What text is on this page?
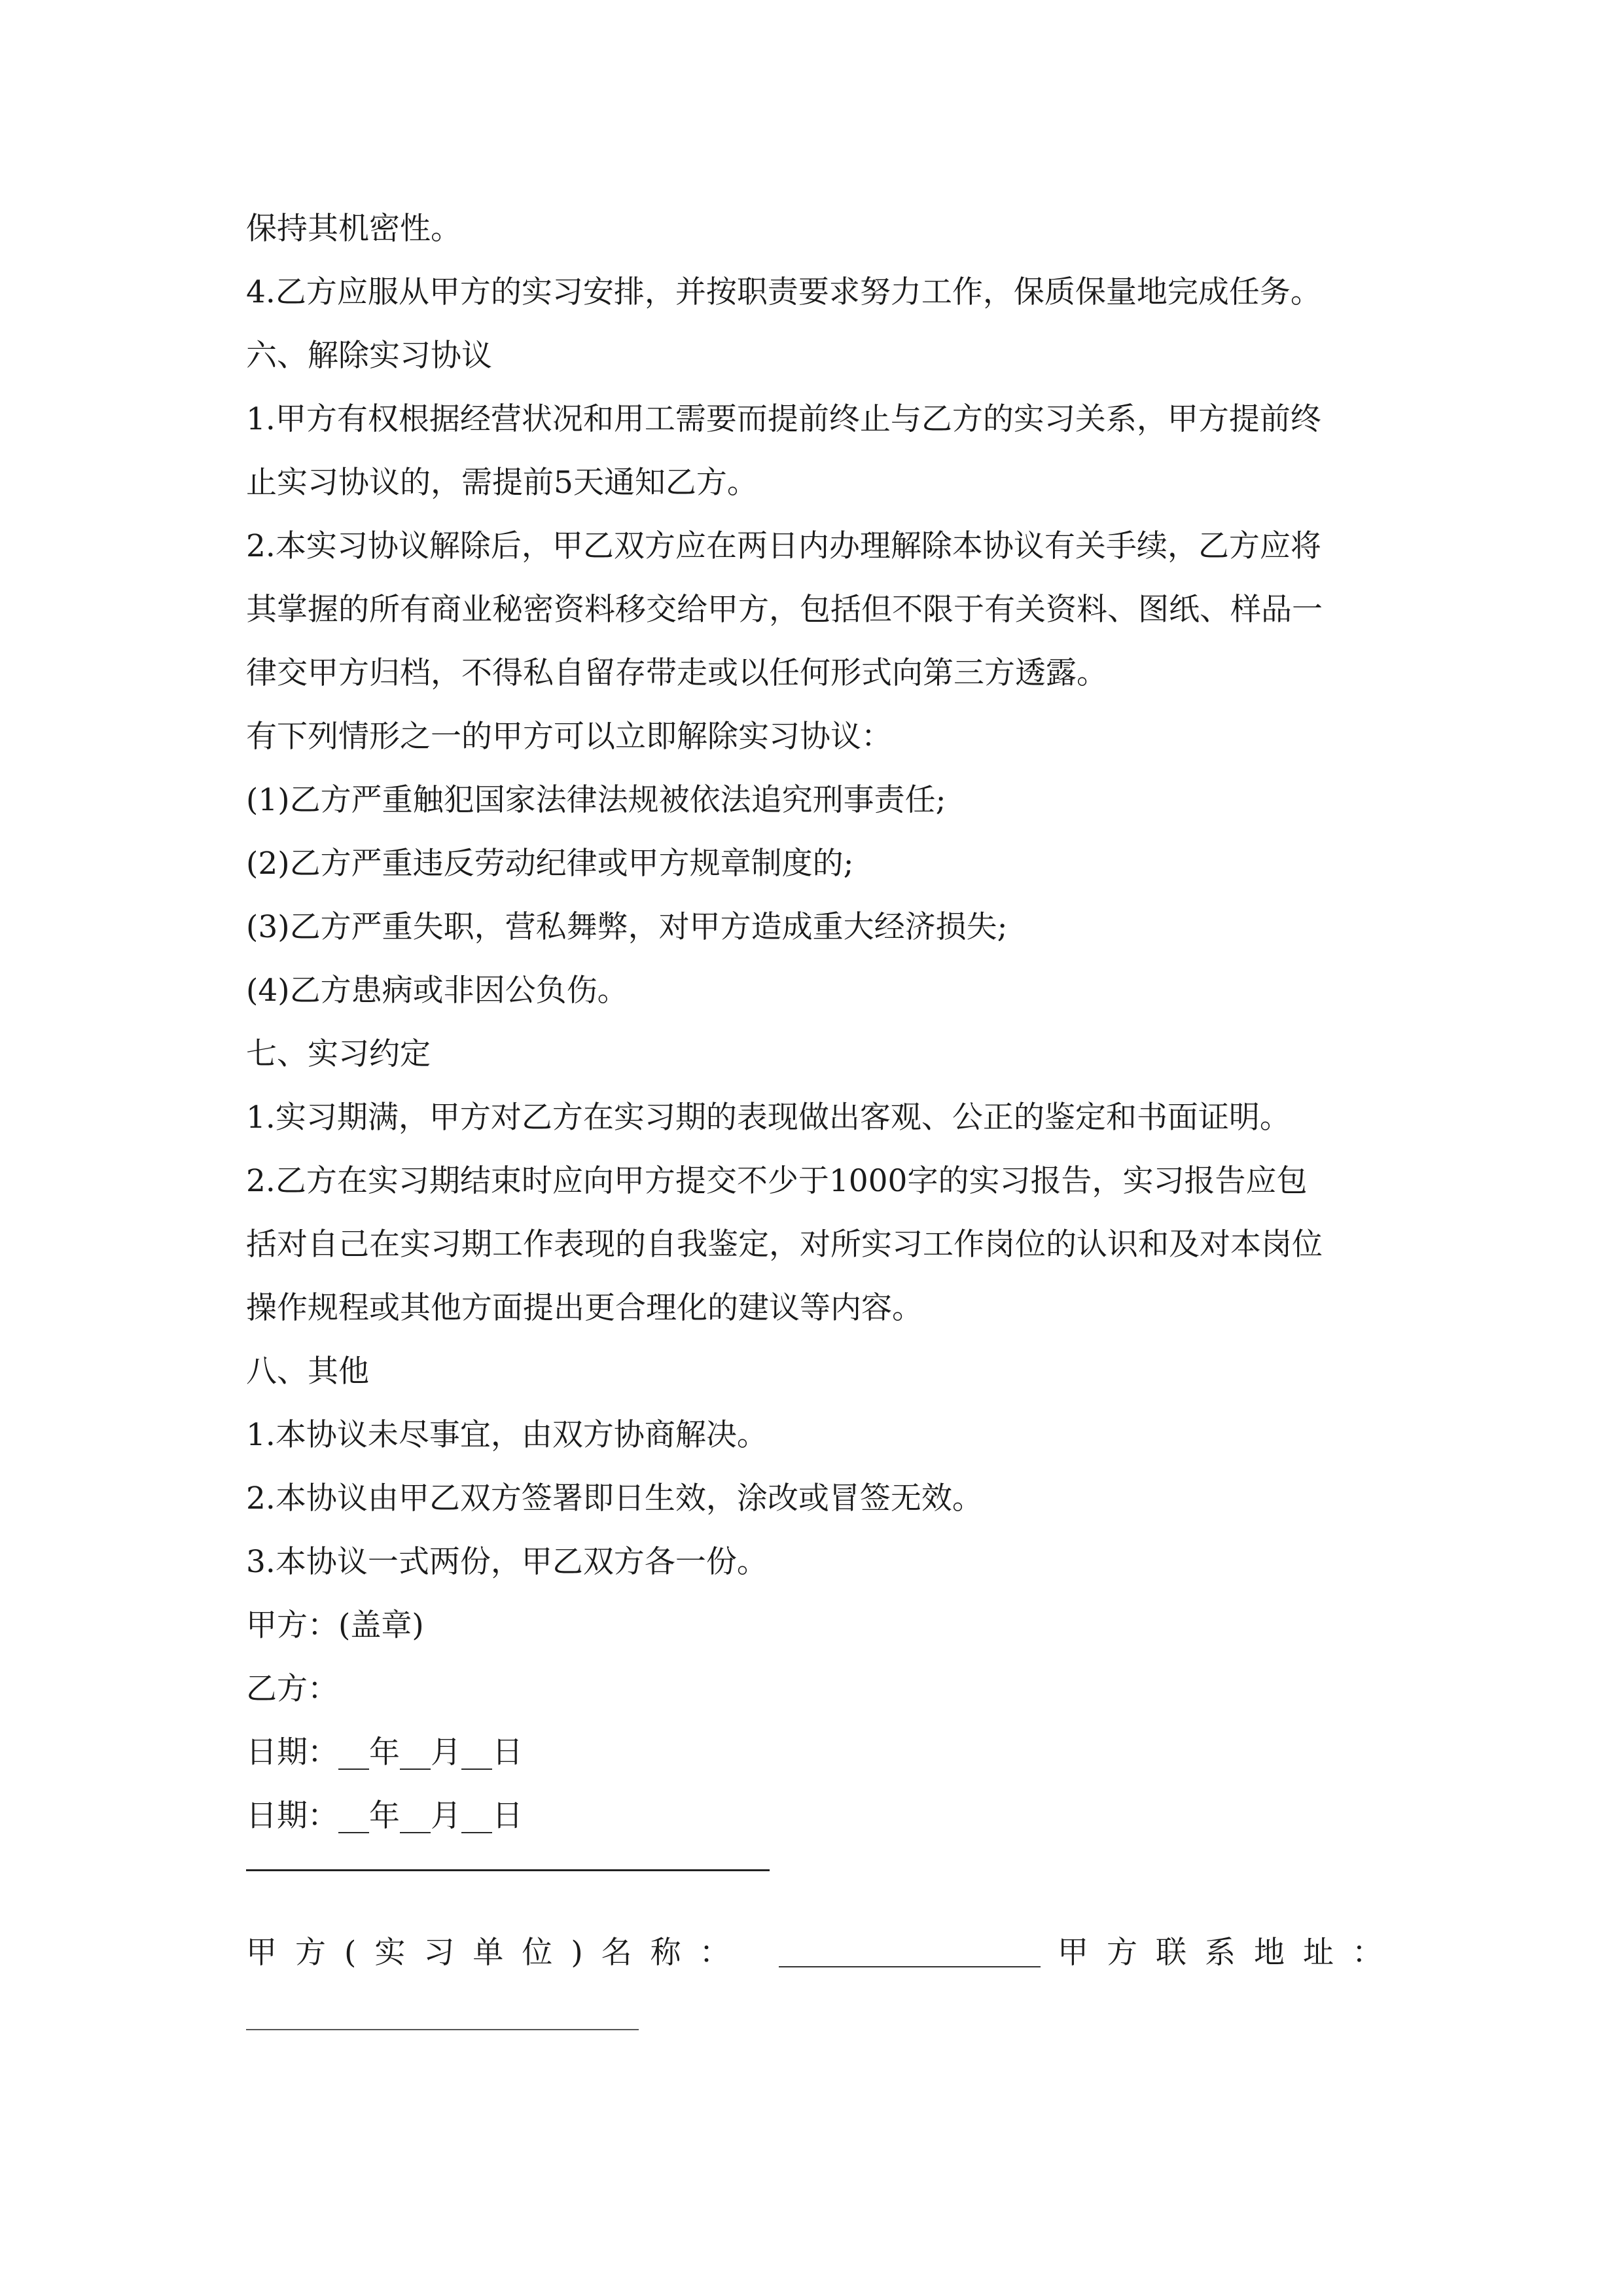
保持其机密性。
4.乙方应服从甲方的实习安排，并按职责要求努力工作，保质保量地完成任务。
六、解除实习协议
1.甲方有权根据经营状况和用工需要而提前终止与乙方的实习关系，甲方提前终
止实习协议的，需提前5天通知乙方。
2.本实习协议解除后，甲乙双方应在两日内办理解除本协议有关手续，乙方应将
其掌握的所有商业秘密资料移交给甲方，包括但不限于有关资料、图纸、样品一
律交甲方归档，不得私自留存带走或以任何形式向第三方透露。
有下列情形之一的甲方可以立即解除实习协议：
(1)乙方严重触犯国家法律法规被依法追究刑事责任;
(2)乙方严重违反劳动纪律或甲方规章制度的;
(3)乙方严重失职，营私舞弊，对甲方造成重大经济损失;
(4)乙方患病或非因公负伤。
七、实习约定
1.实习期满，甲方对乙方在实习期的表现做出客观、公正的鉴定和书面证明。
2.乙方在实习期结束时应向甲方提交不少于1000字的实习报告，实习报告应包
括对自己在实习期工作表现的自我鉴定，对所实习工作岗位的认识和及对本岗位
操作规程或其他方面提出更合理化的建议等内容。
八、其他
1.本协议未尽事宜，由双方协商解决。
2.本协议由甲乙双方签署即日生效，涂改或冒签无效。
3.本协议一式两份，甲乙双方各一份。
甲方：(盖章)
乙方：
日期：__年__月__日
日期：__年__月__日
甲方(实习单位)名称：	甲方联系地址：
